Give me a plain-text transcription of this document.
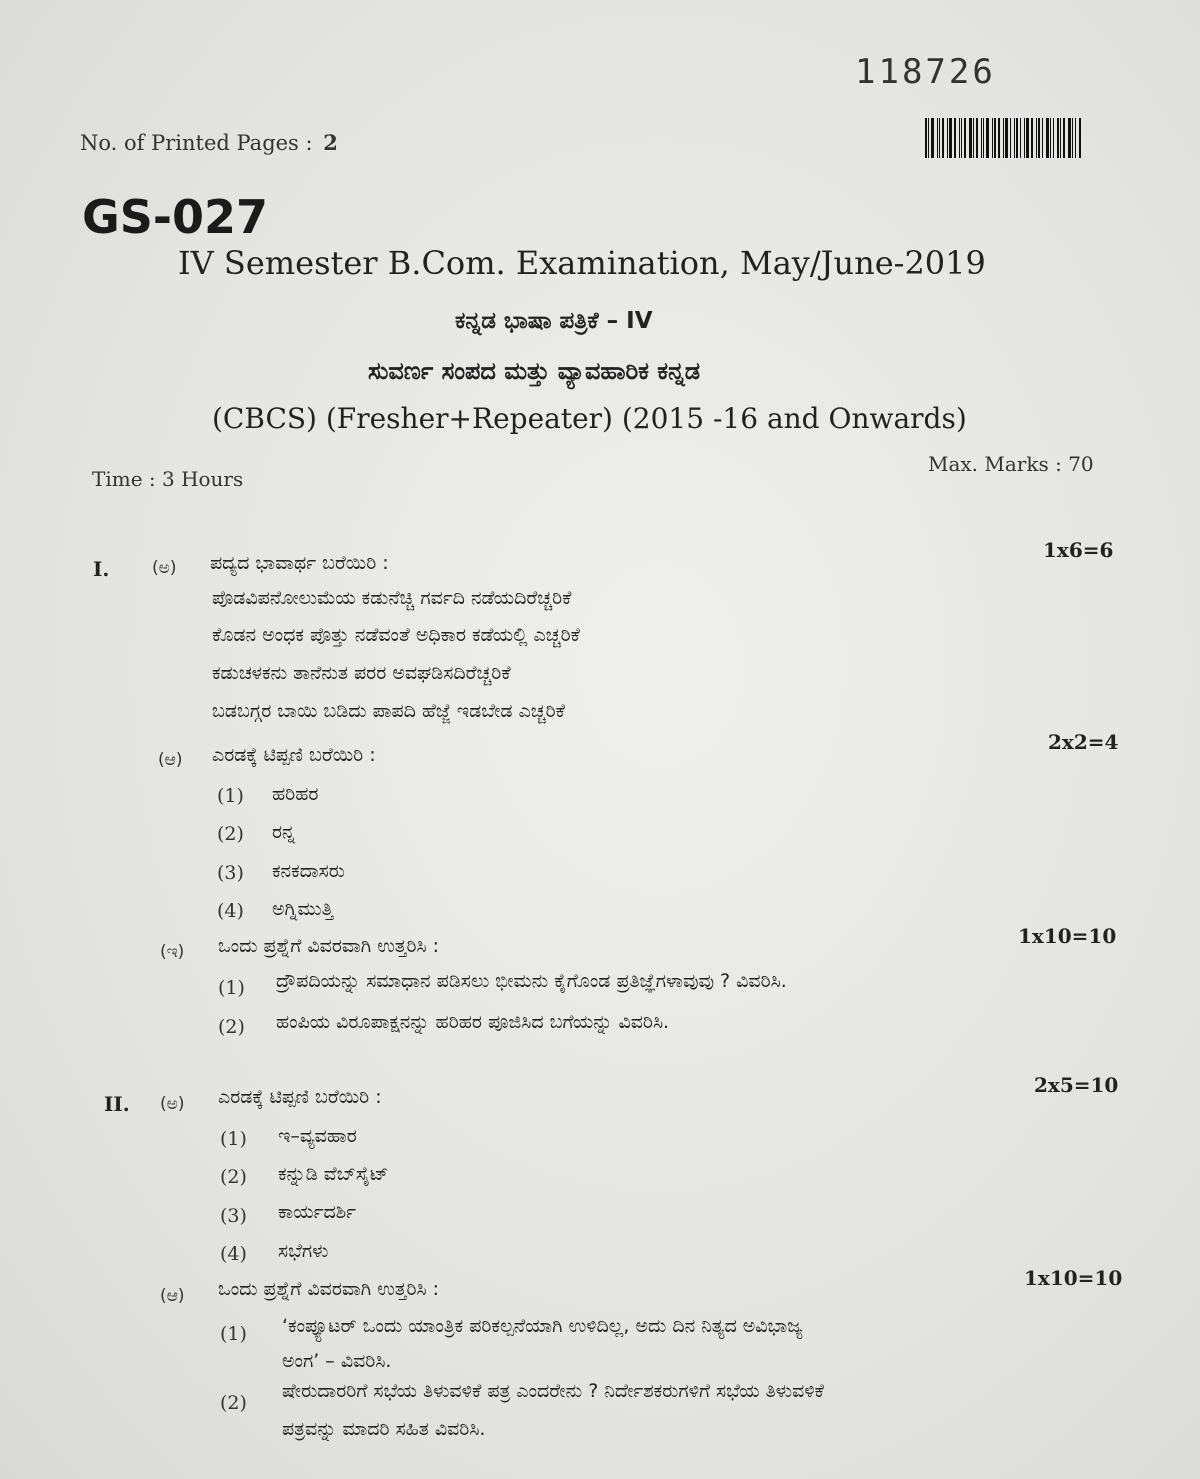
118726
No. of Printed Pages : 2
GS-027
IV Semester B.Com. Examination, May/June-2019
ಕನ್ನಡ ಭಾಷಾ ಪತ್ರಿಕೆ – IV
ಸುವರ್ಣ ಸಂಪದ ಮತ್ತು ವ್ಯಾವಹಾರಿಕ ಕನ್ನಡ
(CBCS) (Fresher+Repeater) (2015 -16 and Onwards)
Time : 3 Hours
Max. Marks : 70
I.	(ಅ) ಪದ್ಯದ ಭಾವಾರ್ಥ ಬರೆಯಿರಿ :
1x6=6
ಪೊಡವಿಪನೋಲುಮೆಯ ಕಡುನೆಚ್ಚಿ ಗರ್ವದಿ ನಡೆಯದಿರೆಚ್ಚರಿಕೆ
ಕೊಡನ ಅಂಧಕ ಪೊತ್ತು ನಡೆವಂತೆ ಅಧಿಕಾರ ಕಡೆಯಲ್ಲಿ ಎಚ್ಚರಿಕೆ
ಕಡುಚಳಕನು ತಾನೆನುತ ಪರರ ಅವಘಡಿಸದಿರೆಚ್ಚರಿಕೆ
ಬಡಬಗ್ಗರ ಬಾಯಿ ಬಡಿದು ಪಾಪದಿ ಹೆಜ್ಜೆ ಇಡಬೇಡ ಎಚ್ಚರಿಕೆ
(ಆ) ಎರಡಕ್ಕೆ ಟಿಪ್ಪಣಿ ಬರೆಯಿರಿ :
2x2=4
(1) ಹರಿಹರ
(2) ರನ್ನ
(3) ಕನಕದಾಸರು
(4) ಅಗ್ನಿಮುತ್ತಿ
(ಇ) ಒಂದು ಪ್ರಶ್ನೆಗೆ ವಿವರವಾಗಿ ಉತ್ತರಿಸಿ :	1x10=10
(1) ದ್ರೌಪದಿಯನ್ನು ಸಮಾಧಾನ ಪಡಿಸಲು ಭೀಮನು ಕೈಗೊಂಡ ಪ್ರತಿಜ್ಞೆಗಳಾವುವು ? ವಿವರಿಸಿ.
(2) ಹಂಪಿಯ ವಿರೂಪಾಕ್ಷನನ್ನು ಹರಿಹರ ಪೂಜಿಸಿದ ಬಗೆಯನ್ನು ವಿವರಿಸಿ.
II. (ಅ) ಎರಡಕ್ಕೆ ಟಿಪ್ಪಣಿ ಬರೆಯಿರಿ :	2x5=10
(1) ಇ–ವ್ಯವಹಾರ
(2) ಕನ್ನುಡಿ ವೆಬ್‌ಸೈಟ್
(3) ಕಾರ್ಯದರ್ಶಿ
(4) ಸಭೆಗಳು
(ಆ) ಒಂದು ಪ್ರಶ್ನೆಗೆ ವಿವರವಾಗಿ ಉತ್ತರಿಸಿ :	1x10=10
(1) ‘ಕಂಪ್ಯೂಟರ್ ಒಂದು ಯಾಂತ್ರಿಕ ಪರಿಕಲ್ಪನೆಯಾಗಿ ಉಳಿದಿಲ್ಲ, ಅದು ದಿನ ನಿತ್ಯದ ಅವಿಭಾಜ್ಯ
ಅಂಗ’ – ವಿವರಿಸಿ.
(2)
ಷೇರುದಾರರಿಗೆ ಸಭೆಯ ತಿಳುವಳಿಕೆ ಪತ್ರ ಎಂದರೇನು ? ನಿರ್ದೇಶಕರುಗಳಿಗೆ ಸಭೆಯ ತಿಳುವಳಿಕೆ
ಪತ್ರವನ್ನು ಮಾದರಿ ಸಹಿತ ವಿವರಿಸಿ.
